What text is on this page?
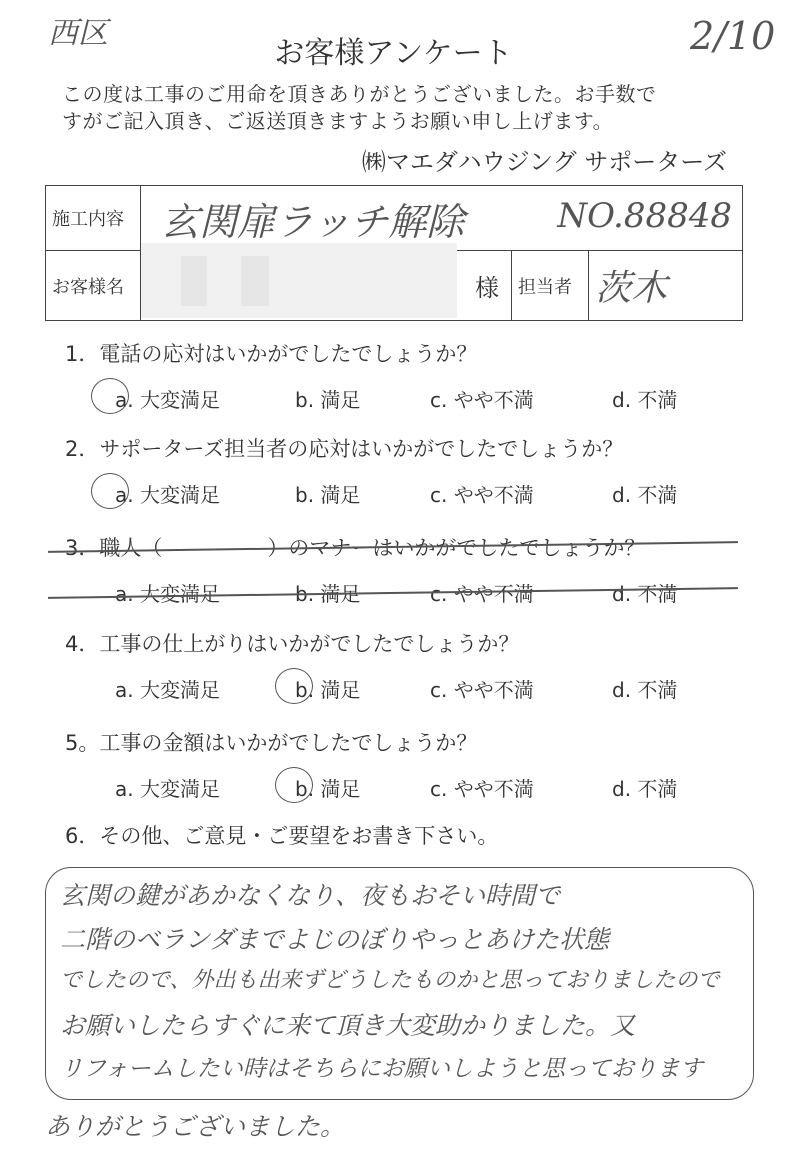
西区	2/10
お客様アンケート
この度は工事のご用命を頂きありがとうございました。お手数で
すがご記入頂き、ご返送頂きますようお願い申し上げます。
㈱マエダハウジング サポーターズ
施工内容	玄関扉ラッチ解除 NO.88848			

お客様名		様	担当者	茨木
1．電話の応対はいかがでしたでしょうか？
a. 大変満足	b. 満足	c. やや不満	d. 不満
2．サポーターズ担当者の応対はいかがでしたでしょうか？
a. 大変満足	b. 満足	c. やや不満	d. 不満
3．職人（　　　　　）のマナーはいかがでしたでしょうか？
a. 大変満足	b. 満足	c. やや不満	d. 不満
4．工事の仕上がりはいかがでしたでしょうか？
a. 大変満足	b. 満足	c. やや不満	d. 不満
5。工事の金額はいかがでしたでしょうか？
a. 大変満足	b. 満足	c. やや不満	d. 不満
6．その他、ご意見・ご要望をお書き下さい。
玄関の鍵があかなくなり、夜もおそい時間で
二階のベランダまでよじのぼりやっとあけた状態
でしたので、外出も出来ずどうしたものかと思っておりましたので
お願いしたらすぐに来て頂き大変助かりました。又
リフォームしたい時はそちらにお願いしようと思っております
ありがとうございました。
